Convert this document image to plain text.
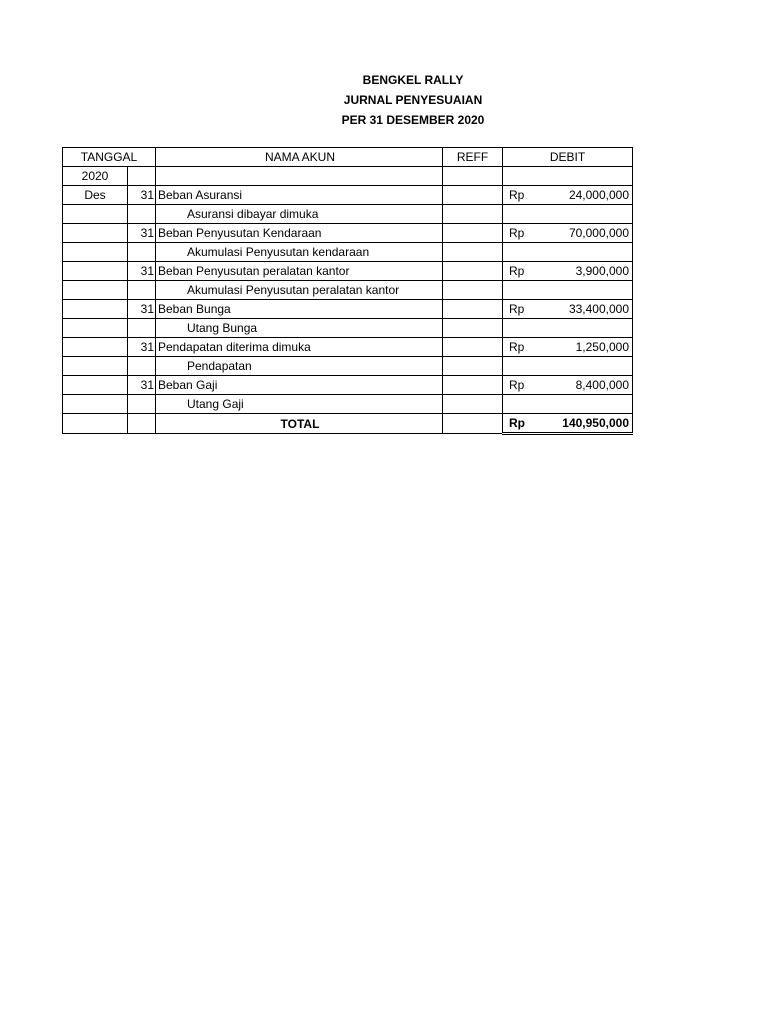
BENGKEL RALLY
JURNAL PENYESUAIAN
PER 31 DESEMBER 2020
TANGGAL		NAMA AKUN	REFF	DEBIT
2020				
Des	31	Beban Asuransi		Rp 24,000,000

		Asuransi dibayar dimuka		
	31	Beban Penyusutan Kendaraan		Rp 70,000,000

		Akumulasi Penyusutan kendaraan		
	31	Beban Penyusutan peralatan kantor		Rp 3,900,000

		Akumulasi Penyusutan peralatan kantor		
	31	Beban Bunga		Rp 33,400,000

		Utang Bunga		
	31	Pendapatan diterima dimuka		Rp 1,250,000

		Pendapatan		
	31	Beban Gaji		Rp 8,400,000

		Utang Gaji		
		TOTAL		Rp 140,950,000
